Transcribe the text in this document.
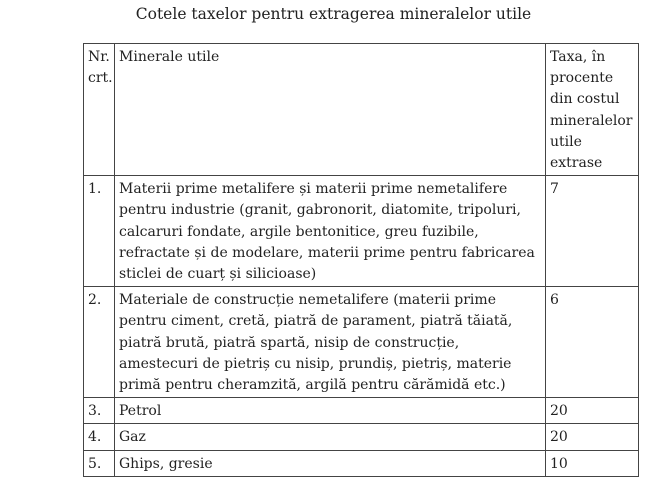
Cotele taxelor pentru extragerea mineralelor utile
Nr. crt.	Minerale utile	Taxa, în procente din costul mineralelor utile extrase
1.	Materii prime metalifere și materii prime nemetalifere pentru industrie (granit, gabronorit, diatomite, tripoluri, calcaruri fondate, argile bentonitice, greu fuzibile, refractate și de modelare, materii prime pentru fabricarea sticlei de cuarț și silicioase)	7
2.	Materiale de construcție nemetalifere (materii prime pentru ciment, cretă, piatră de parament, piatră tăiată, piatră brută, piatră spartă, nisip de construcție, amestecuri de pietriș cu nisip, prundiș, pietriș, materie primă pentru cheramzită, argilă pentru cărămidă etc.)	6
3.	Petrol	20
4.	Gaz	20
5.	Ghips, gresie	10
